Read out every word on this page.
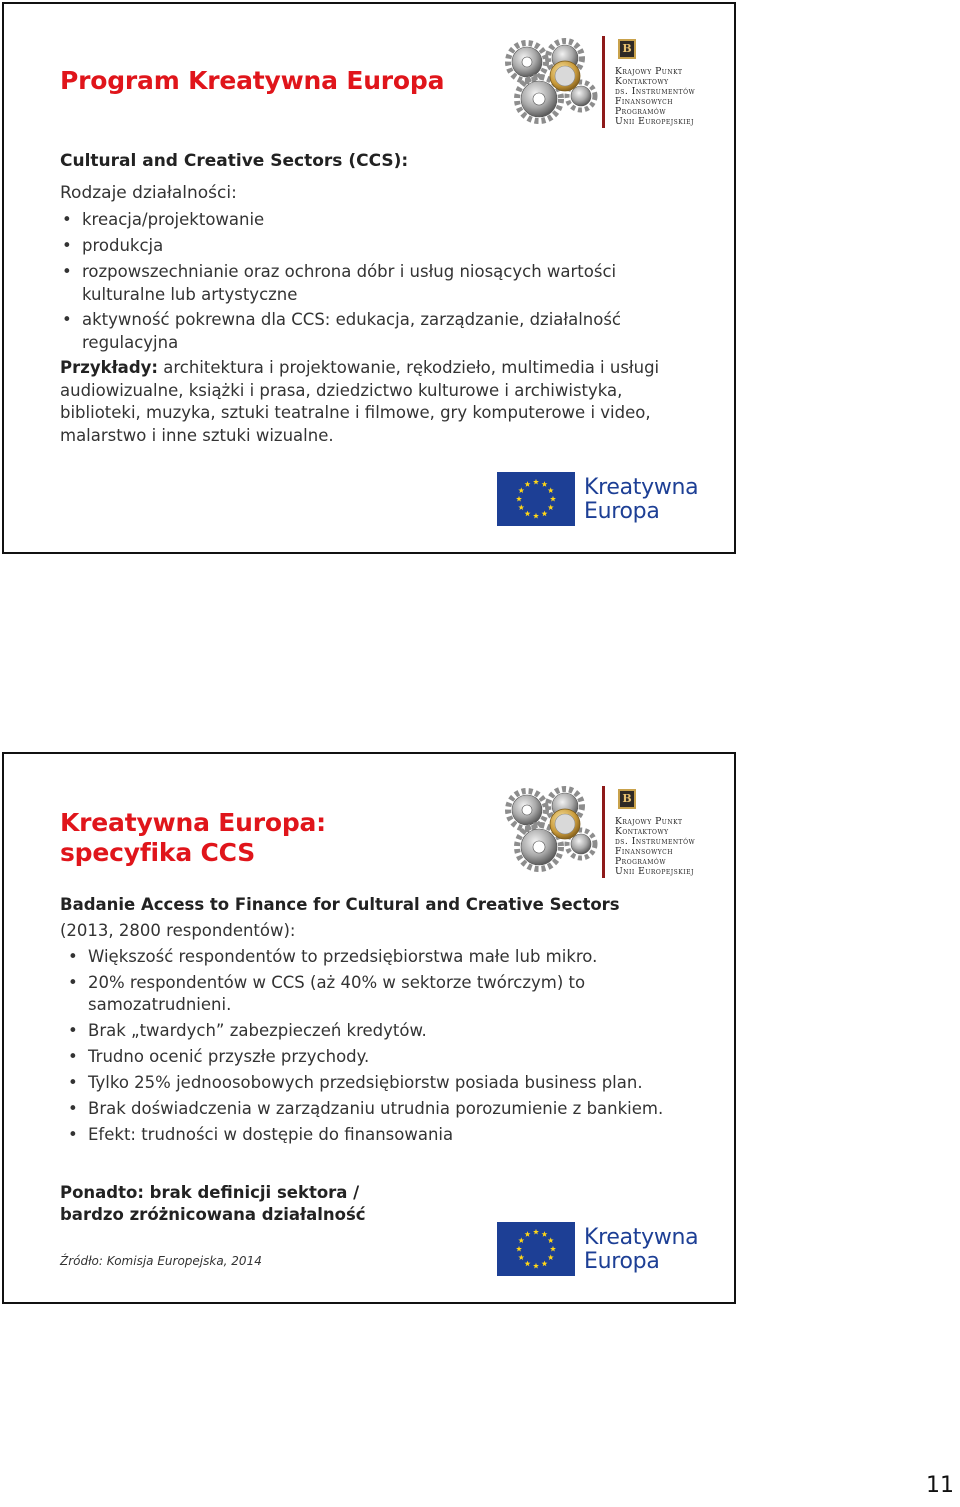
Program Kreatywna Europa
B
Krajowy Punkt
Kontaktowy
ds. Instrumentów
Finansowych
Programów
Unii Europejskiej
Cultural and Creative Sectors (CCS):
Rodzaje działalności:
• kreacja/projektowanie
• produkcja
• rozpowszechnianie oraz ochrona dóbr i usług niosących wartości kulturalne lub artystyczne
• aktywność pokrewna dla CCS: edukacja, zarządzanie, działalność regulacyjna
Przykłady: architektura i projektowanie, rękodzieło, multimedia i usługi audiowizualne, książki i prasa, dziedzictwo kulturowe i archiwistyka, biblioteki, muzyka, sztuki teatralne i filmowe, gry komputerowe i video, malarstwo i inne sztuki wizualne.
Kreatywna
Europa
Kreatywna Europa:
specyfika CCS
B
Krajowy Punkt
Kontaktowy
ds. Instrumentów
Finansowych
Programów
Unii Europejskiej
Badanie Access to Finance for Cultural and Creative Sectors
(2013, 2800 respondentów):
• Większość respondentów to przedsiębiorstwa małe lub mikro.
• 20% respondentów w CCS (aż 40% w sektorze twórczym) to samozatrudnieni.
• Brak „twardych” zabezpieczeń kredytów.
• Trudno ocenić przyszłe przychody.
• Tylko 25% jednoosobowych przedsiębiorstw posiada business plan.
• Brak doświadczenia w zarządzaniu utrudnia porozumienie z bankiem.
• Efekt: trudności w dostępie do finansowania
Ponadto: brak definicji sektora /
bardzo zróżnicowana działalność
Źródło: Komisja Europejska, 2014
Kreatywna
Europa
11
